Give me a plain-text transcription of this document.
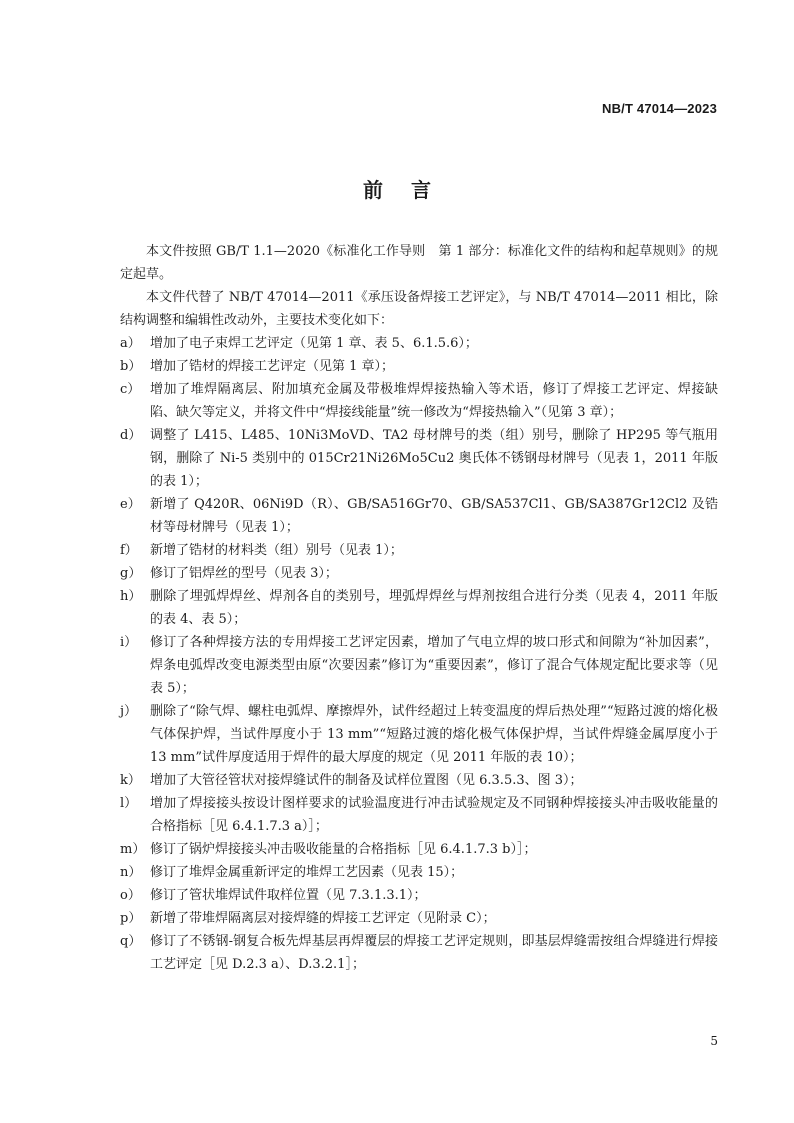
NB/T 47014—2023
前言

本文件按照 GB/T 1.1—2020《标准化工作导则　第 1 部分：标准化文件的结构和起草规则》的规定起草。

本文件代替了 NB/T 47014—2011《承压设备焊接工艺评定》，与 NB/T 47014—2011 相比，除结构调整和编辑性改动外，主要技术变化如下：

a） 增加了电子束焊工艺评定（见第 1 章、表 5、6.1.5.6）；
b） 增加了锆材的焊接工艺评定（见第 1 章）；
c） 增加了堆焊隔离层、附加填充金属及带极堆焊焊接热输入等术语，修订了焊接工艺评定、焊接缺陷、缺欠等定义，并将文件中“焊接线能量”统一修改为“焊接热输入”（见第 3 章）；
d） 调整了 L415、L485、10Ni3MoVD、TA2 母材牌号的类（组）别号，删除了 HP295 等气瓶用钢，删除了 Ni-5 类别中的 015Cr21Ni26Mo5Cu2 奥氏体不锈钢母材牌号（见表 1，2011 年版的表 1）；
e） 新增了 Q420R、06Ni9D（R）、GB/SA516Gr70、GB/SA537Cl1、GB/SA387Gr12Cl2 及锆材等母材牌号（见表 1）；
f） 新增了锆材的材料类（组）别号（见表 1）；
g） 修订了铝焊丝的型号（见表 3）；
h） 删除了埋弧焊焊丝、焊剂各自的类别号，埋弧焊焊丝与焊剂按组合进行分类（见表 4，2011 年版的表 4、表 5）；
i） 修订了各种焊接方法的专用焊接工艺评定因素，增加了气电立焊的坡口形式和间隙为“补加因素”，焊条电弧焊改变电源类型由原“次要因素”修订为“重要因素”，修订了混合气体规定配比要求等（见表 5）；
j） 删除了“除气焊、螺柱电弧焊、摩擦焊外，试件经超过上转变温度的焊后热处理”“短路过渡的熔化极气体保护焊，当试件厚度小于 13 mm”“短路过渡的熔化极气体保护焊，当试件焊缝金属厚度小于 13 mm”试件厚度适用于焊件的最大厚度的规定（见 2011 年版的表 10）；
k） 增加了大管径管状对接焊缝试件的制备及试样位置图（见 6.3.5.3、图 3）；
l） 增加了焊接接头按设计图样要求的试验温度进行冲击试验规定及不同钢种焊接接头冲击吸收能量的合格指标［见 6.4.1.7.3 a）］；
m） 修订了锅炉焊接接头冲击吸收能量的合格指标［见 6.4.1.7.3 b）］；
n） 修订了堆焊金属重新评定的堆焊工艺因素（见表 15）；
o） 修订了管状堆焊试件取样位置（见 7.3.1.3.1）；
p） 新增了带堆焊隔离层对接焊缝的焊接工艺评定（见附录 C）；
q） 修订了不锈钢-钢复合板先焊基层再焊覆层的焊接工艺评定规则，即基层焊缝需按组合焊缝进行焊接工艺评定［见 D.2.3 a）、D.3.2.1］；
5
